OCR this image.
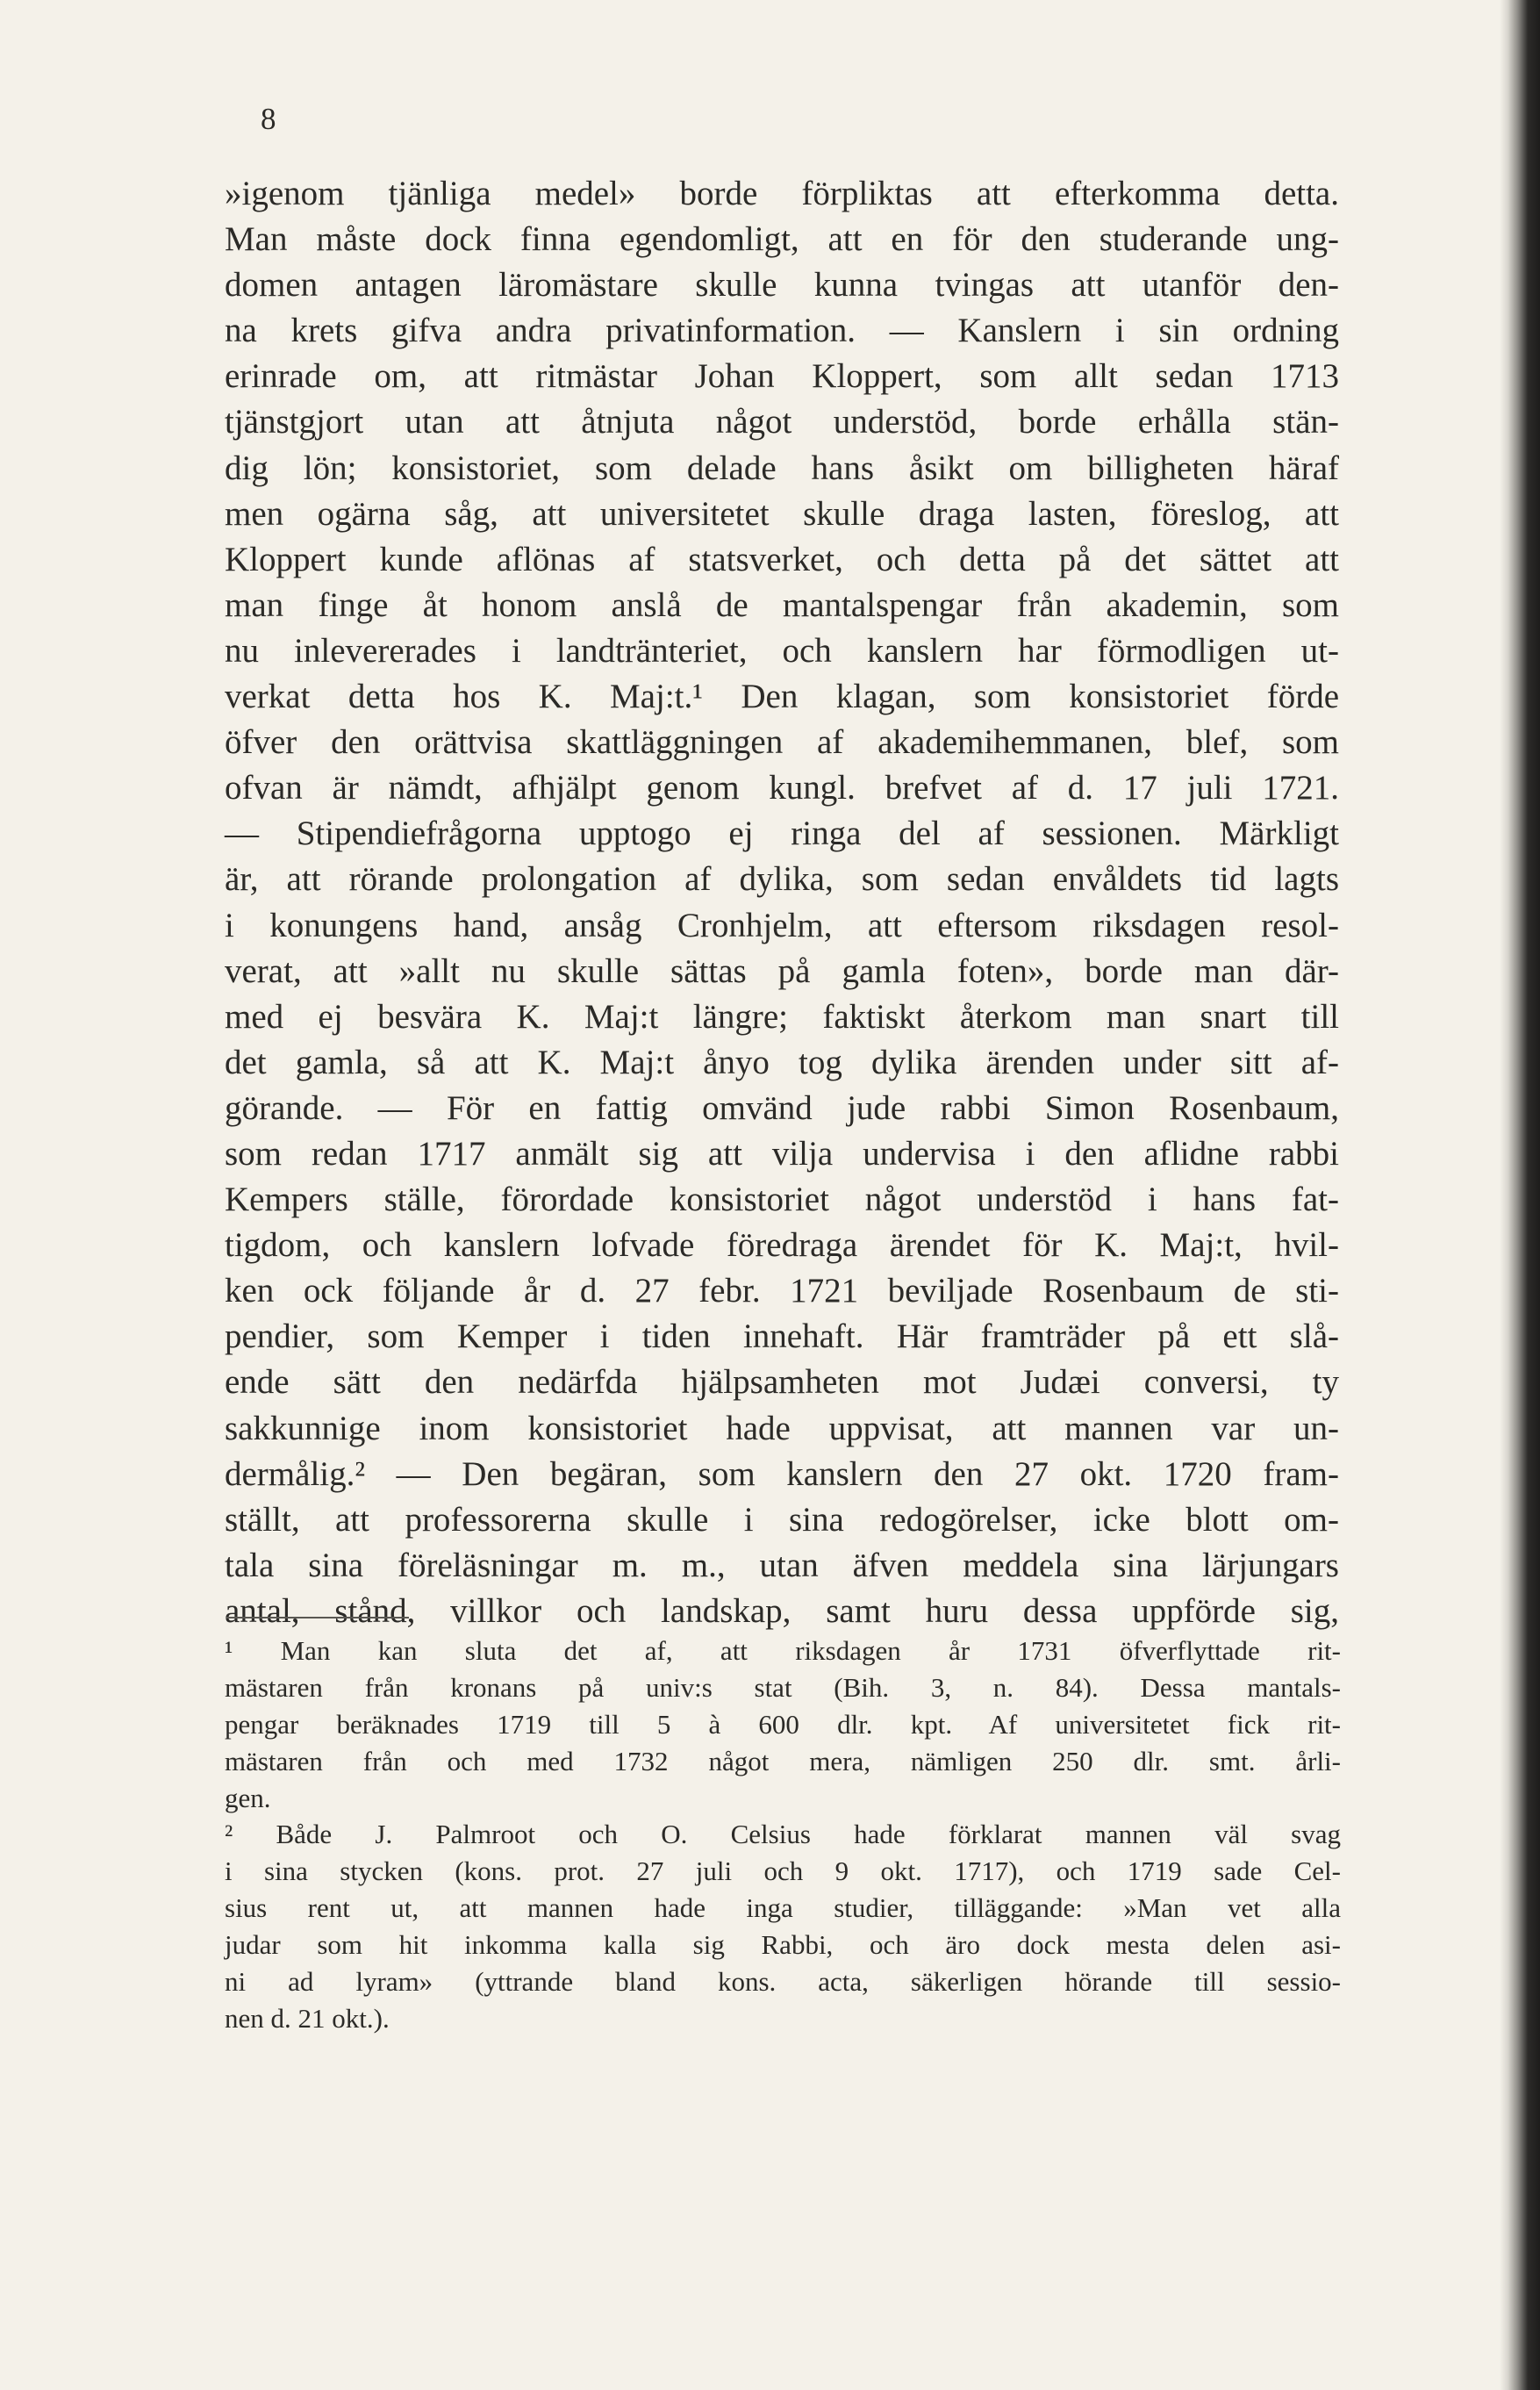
8
»igenom tjänliga medel» borde förpliktas att efterkomma detta.
Man måste dock finna egendomligt, att en för den studerande ung-
domen antagen läromästare skulle kunna tvingas att utanför den-
na krets gifva andra privatinformation. — Kanslern i sin ordning
erinrade om, att ritmästar Johan Kloppert, som allt sedan 1713
tjänstgjort utan att åtnjuta något understöd, borde erhålla stän-
dig lön; konsistoriet, som delade hans åsikt om billigheten häraf
men ogärna såg, att universitetet skulle draga lasten, föreslog, att
Kloppert kunde aflönas af statsverket, och detta på det sättet att
man finge åt honom anslå de mantalspengar från akademin, som
nu inlevererades i landtränteriet, och kanslern har förmodligen ut-
verkat detta hos K. Maj:t.¹ Den klagan, som konsistoriet förde
öfver den orättvisa skattläggningen af akademihemmanen, blef, som
ofvan är nämdt, afhjälpt genom kungl. brefvet af d. 17 juli 1721.
— Stipendiefrågorna upptogo ej ringa del af sessionen. Märkligt
är, att rörande prolongation af dylika, som sedan envåldets tid lagts
i konungens hand, ansåg Cronhjelm, att eftersom riksdagen resol-
verat, att »allt nu skulle sättas på gamla foten», borde man där-
med ej besvära K. Maj:t längre; faktiskt återkom man snart till
det gamla, så att K. Maj:t ånyo tog dylika ärenden under sitt af-
görande. — För en fattig omvänd jude rabbi Simon Rosenbaum,
som redan 1717 anmält sig att vilja undervisa i den aflidne rabbi
Kempers ställe, förordade konsistoriet något understöd i hans fat-
tigdom, och kanslern lofvade föredraga ärendet för K. Maj:t, hvil-
ken ock följande år d. 27 febr. 1721 beviljade Rosenbaum de sti-
pendier, som Kemper i tiden innehaft. Här framträder på ett slå-
ende sätt den nedärfda hjälpsamheten mot Judæi conversi, ty
sakkunnige inom konsistoriet hade uppvisat, att mannen var un-
dermålig.² — Den begäran, som kanslern den 27 okt. 1720 fram-
ställt, att professorerna skulle i sina redogörelser, icke blott om-
tala sina föreläsningar m. m., utan äfven meddela sina lärjungars
antal, stånd, villkor och landskap, samt huru dessa uppförde sig,
¹ Man kan sluta det af, att riksdagen år 1731 öfverflyttade rit-
mästaren från kronans på univ:s stat (Bih. 3, n. 84). Dessa mantals-
pengar beräknades 1719 till 5 à 600 dlr. kpt. Af universitetet fick rit-
mästaren från och med 1732 något mera, nämligen 250 dlr. smt. årli-
gen.
² Både J. Palmroot och O. Celsius hade förklarat mannen väl svag
i sina stycken (kons. prot. 27 juli och 9 okt. 1717), och 1719 sade Cel-
sius rent ut, att mannen hade inga studier, tilläggande: »Man vet alla
judar som hit inkomma kalla sig Rabbi, och äro dock mesta delen asi-
ni ad lyram» (yttrande bland kons. acta, säkerligen hörande till sessio-
nen d. 21 okt.).
